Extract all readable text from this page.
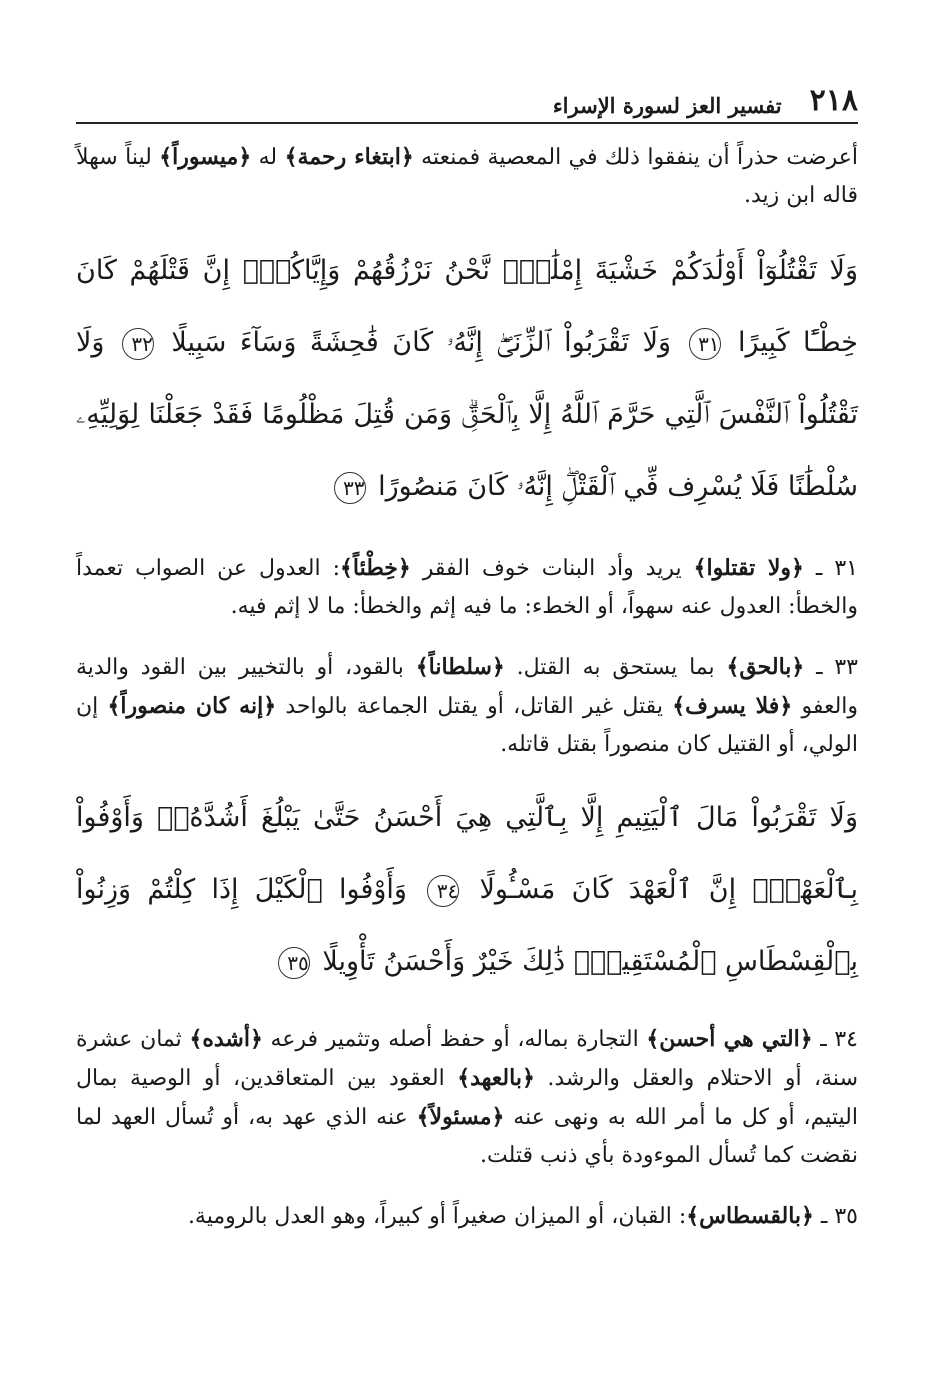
٢١٨
تفسير العز لسورة الإسراء

أعرضت حذراً أن ينفقوا ذلك في المعصية فمنعته ﴿ ابتغاء رحمة ﴾ له ﴿ ميسوراً ﴾ ليناً سهلاً قاله ابن زيد.

وَلَا تَقْتُلُوٓاْ أَوْلَٰدَكُمْ خَشْيَةَ إِمْلَٰقٍۖ نَّحْنُ نَرْزُقُهُمْ وَإِيَّاكُمْۚ إِنَّ قَتْلَهُمْ كَانَ خِطْـًٔا كَبِيرًا ٣١ وَلَا تَقْرَبُواْ ٱلزِّنَىٰٓۖ إِنَّهُۥ كَانَ فَٰحِشَةً وَسَآءَ سَبِيلًا ٣٢ وَلَا تَقْتُلُواْ ٱلنَّفْسَ ٱلَّتِي حَرَّمَ ٱللَّهُ إِلَّا بِٱلْحَقِّۗ وَمَن قُتِلَ مَظْلُومًا فَقَدْ جَعَلْنَا لِوَلِيِّهِۦ سُلْطَٰنًا فَلَا يُسْرِف فِّي ٱلْقَتْلِۖ إِنَّهُۥ كَانَ مَنصُورًا ٣٣

٣١ ـ ﴿ ولا تقتلوا ﴾ يريد وأد البنات خوف الفقر ﴿ خِطْئاً ﴾: العدول عن الصواب تعمداً والخطأ: العدول عنه سهواً، أو الخطء: ما فيه إثم والخطأ: ما لا إثم فيه.

٣٣ ـ ﴿ بالحق ﴾ بما يستحق به القتل. ﴿ سلطاناً ﴾ بالقود، أو بالتخيير بين القود والدية والعفو ﴿ فلا يسرف ﴾ يقتل غير القاتل، أو يقتل الجماعة بالواحد ﴿ إنه كان منصوراً ﴾ إن الولي، أو القتيل كان منصوراً بقتل قاتله.

وَلَا تَقْرَبُواْ مَالَ ٱلْيَتِيمِ إِلَّا بِٱلَّتِي هِيَ أَحْسَنُ حَتَّىٰ يَبْلُغَ أَشُدَّهُۥۚ وَأَوْفُواْ بِٱلْعَهْدِۖ إِنَّ ٱلْعَهْدَ كَانَ مَسْـُٔولًا ٣٤ وَأَوْفُوا ٱلْكَيْلَ إِذَا كِلْتُمْ وَزِنُواْ بِٱلْقِسْطَاسِ ٱلْمُسْتَقِيمِۚ ذَٰلِكَ خَيْرٌ وَأَحْسَنُ تَأْوِيلًا ٣٥

٣٤ ـ ﴿ التي هي أحسن ﴾ التجارة بماله، أو حفظ أصله وتثمير فرعه ﴿ أشده ﴾ ثمان عشرة سنة، أو الاحتلام والعقل والرشد. ﴿ بالعهد ﴾ العقود بين المتعاقدين، أو الوصية بمال اليتيم، أو كل ما أمر الله به ونهى عنه ﴿ مسئولاً ﴾ عنه الذي عهد به، أو تُسأل العهد لما نقضت كما تُسأل الموءودة بأي ذنب قتلت.

٣٥ ـ ﴿ بالقسطاس ﴾: القبان، أو الميزان صغيراً أو كبيراً، وهو العدل بالرومية.
